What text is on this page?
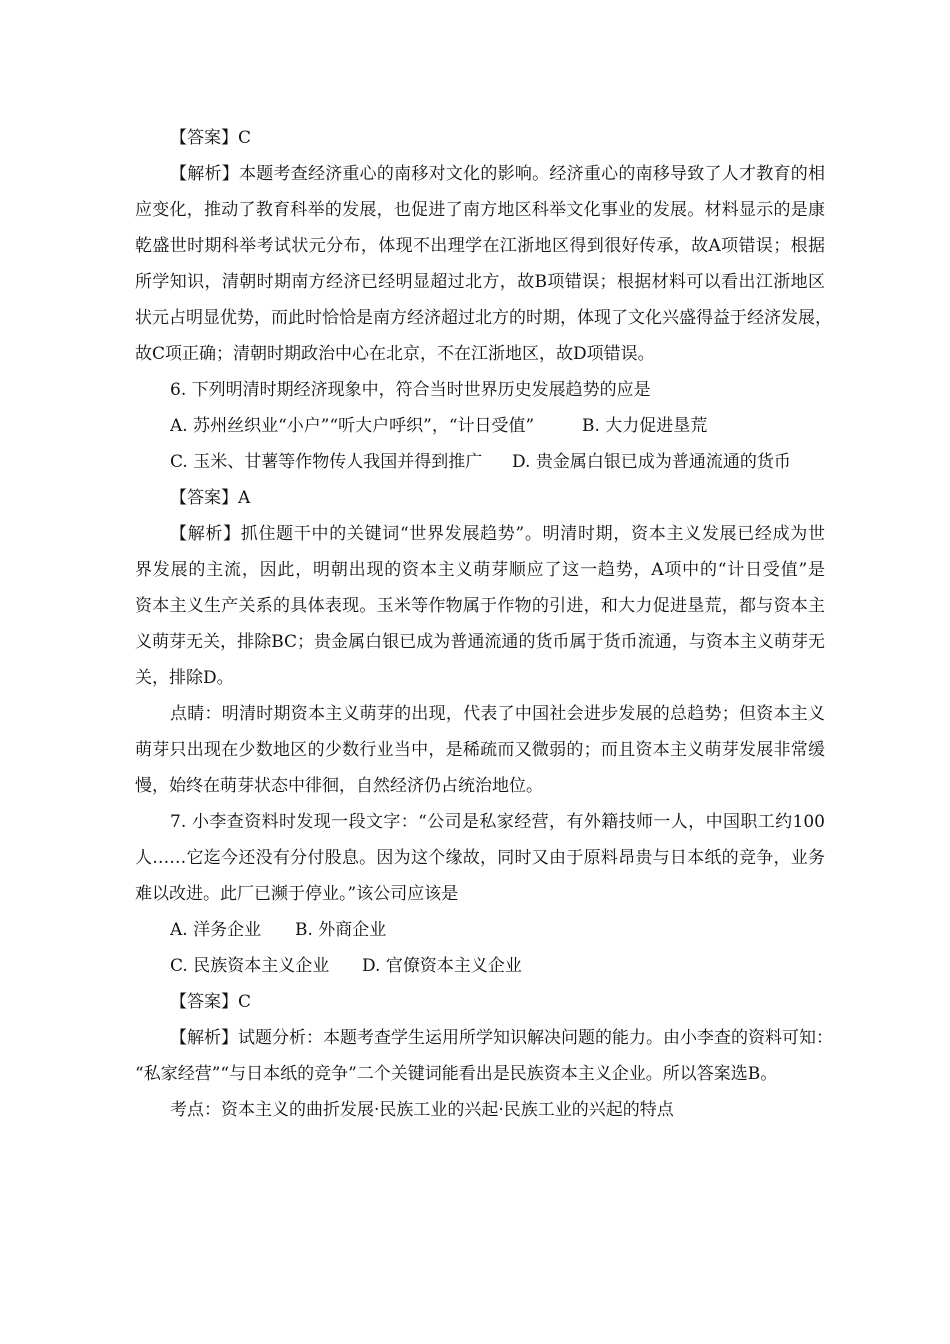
【答案】C
【解析】本题考查经济重心的南移对文化的影响。经济重心的南移导致了人才教育的相
应变化，推动了教育科举的发展，也促进了南方地区科举文化事业的发展。材料显示的是康
乾盛世时期科举考试状元分布，体现不出理学在江浙地区得到很好传承，故A项错误；根据
所学知识，清朝时期南方经济已经明显超过北方，故B项错误；根据材料可以看出江浙地区
状元占明显优势，而此时恰恰是南方经济超过北方的时期，体现了文化兴盛得益于经济发展，
故C项正确；清朝时期政治中心在北京，不在江浙地区，故D项错误。
6. 下列明清时期经济现象中，符合当时世界历史发展趋势的应是
A. 苏州丝织业“小户”“听大户呼织”，“计日受值”	B. 大力促进垦荒
C. 玉米、甘薯等作物传人我国并得到推广 D. 贵金属白银已成为普通流通的货币
【答案】A
【解析】抓住题干中的关键词“世界发展趋势”。明清时期，资本主义发展已经成为世
界发展的主流，因此，明朝出现的资本主义萌芽顺应了这一趋势，A项中的“计日受值”是
资本主义生产关系的具体表现。玉米等作物属于作物的引进，和大力促进垦荒，都与资本主
义萌芽无关，排除BC；贵金属白银已成为普通流通的货币属于货币流通，与资本主义萌芽无
关，排除D。
点睛：明清时期资本主义萌芽的出现，代表了中国社会进步发展的总趋势；但资本主义
萌芽只出现在少数地区的少数行业当中，是稀疏而又微弱的；而且资本主义萌芽发展非常缓
慢，始终在萌芽状态中徘徊，自然经济仍占统治地位。
7. 小李查资料时发现一段文字：“公司是私家经营，有外籍技师一人，中国职工约100
人……它迄今还没有分付股息。因为这个缘故，同时又由于原料昂贵与日本纸的竞争，业务
难以改进。此厂已濒于停业。”该公司应该是
A. 洋务企业 B. 外商企业
C. 民族资本主义企业 D. 官僚资本主义企业
【答案】C
【解析】试题分析：本题考查学生运用所学知识解决问题的能力。由小李查的资料可知：
“私家经营”“与日本纸的竞争”二个关键词能看出是民族资本主义企业。所以答案选B。
考点：资本主义的曲折发展·民族工业的兴起·民族工业的兴起的特点
